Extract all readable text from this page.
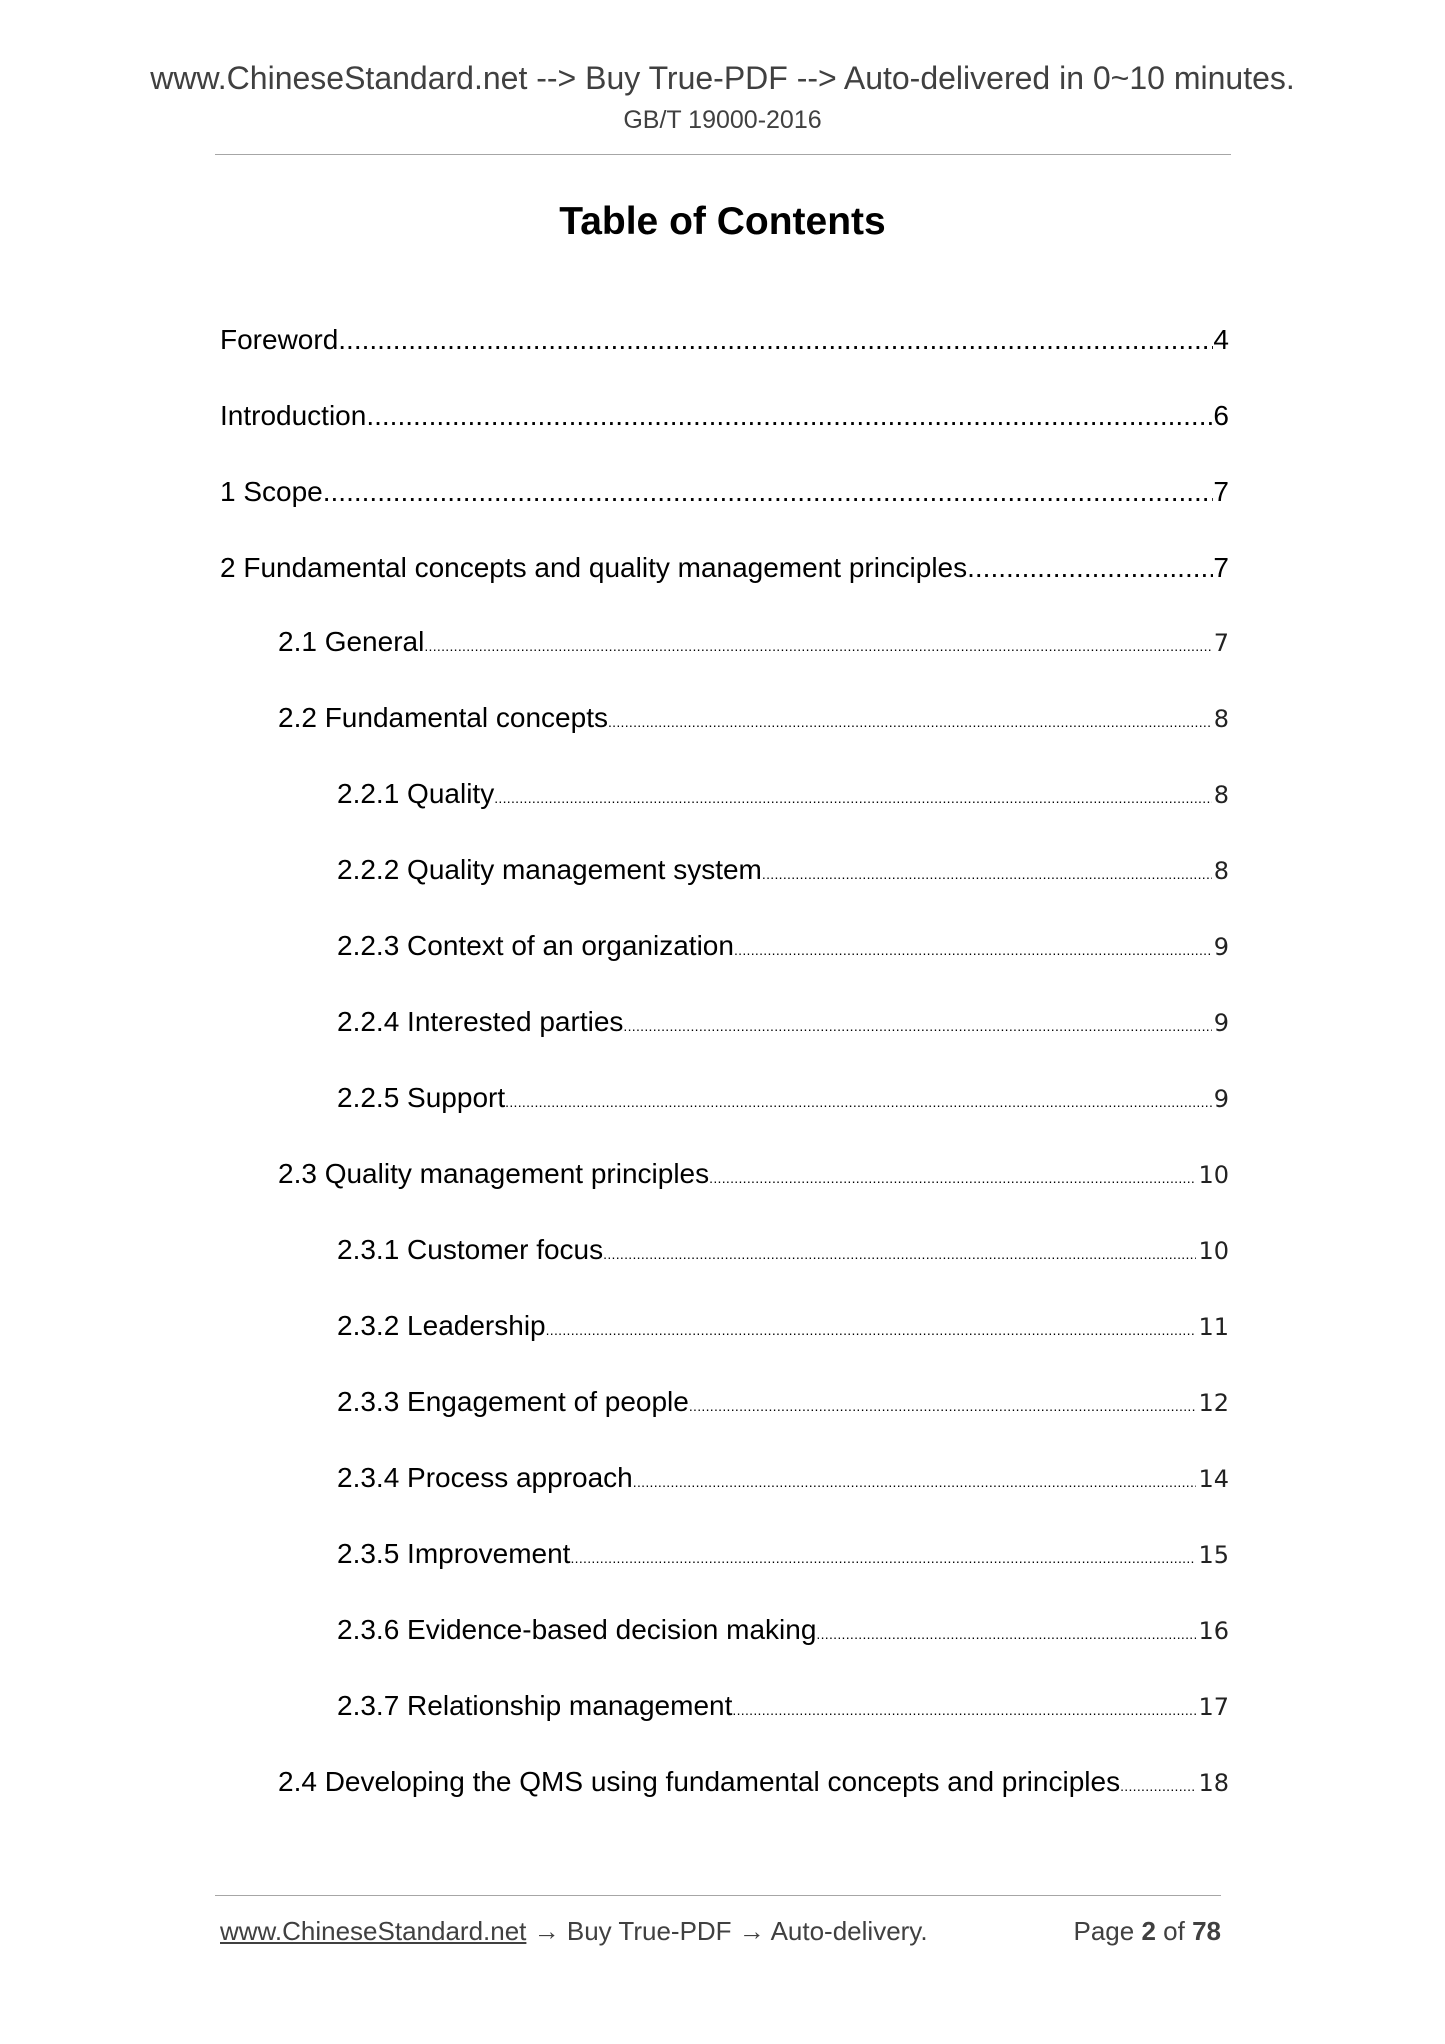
www.ChineseStandard.net --> Buy True-PDF --> Auto-delivered in 0~10 minutes.
GB/T 19000-2016
Table of Contents
Foreword .....	4
Introduction .....	6
1 Scope .....	7
2 Fundamental concepts and quality management principles .....	7
2.1 General .....	7
2.2 Fundamental concepts .....	8
2.2.1 Quality .....	8
2.2.2 Quality management system .....	8
2.2.3 Context of an organization .....	9
2.2.4 Interested parties .....	9
2.2.5 Support .....	9
2.3 Quality management principles .....	10
2.3.1 Customer focus .....	10
2.3.2 Leadership .....	11
2.3.3 Engagement of people .....	12
2.3.4 Process approach .....	14
2.3.5 Improvement .....	15
2.3.6 Evidence-based decision making .....	16
2.3.7 Relationship management .....	17
2.4 Developing the QMS using fundamental concepts and principles .....	18
www.ChineseStandard.net → Buy True-PDF → Auto-delivery.	Page 2 of 78
